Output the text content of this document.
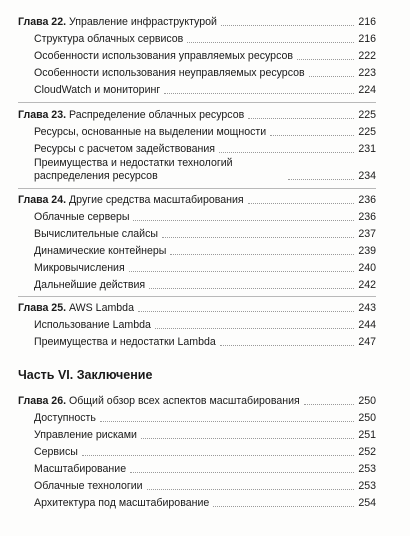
Глава 22. Управление инфраструктурой	216
Структура облачных сервисов	216
Особенности использования управляемых ресурсов	222
Особенности использования неуправляемых ресурсов	223
CloudWatch и мониторинг	224
Глава 23. Распределение облачных ресурсов	225
Ресурсы, основанные на выделении мощности	225
Ресурсы с расчетом задействования	231
Преимущества и недостатки технологий распределения ресурсов	234
Глава 24. Другие средства масштабирования	236
Облачные серверы	236
Вычислительные слайсы	237
Динамические контейнеры	239
Микровычисления	240
Дальнейшие действия	242
Глава 25. AWS Lambda	243
Использование Lambda	244
Преимущества и недостатки Lambda	247
Часть VI. Заключение
Глава 26. Общий обзор всех аспектов масштабирования	250
Доступность	250
Управление рисками	251
Сервисы	252
Масштабирование	253
Облачные технологии	253
Архитектура под масштабирование	254
